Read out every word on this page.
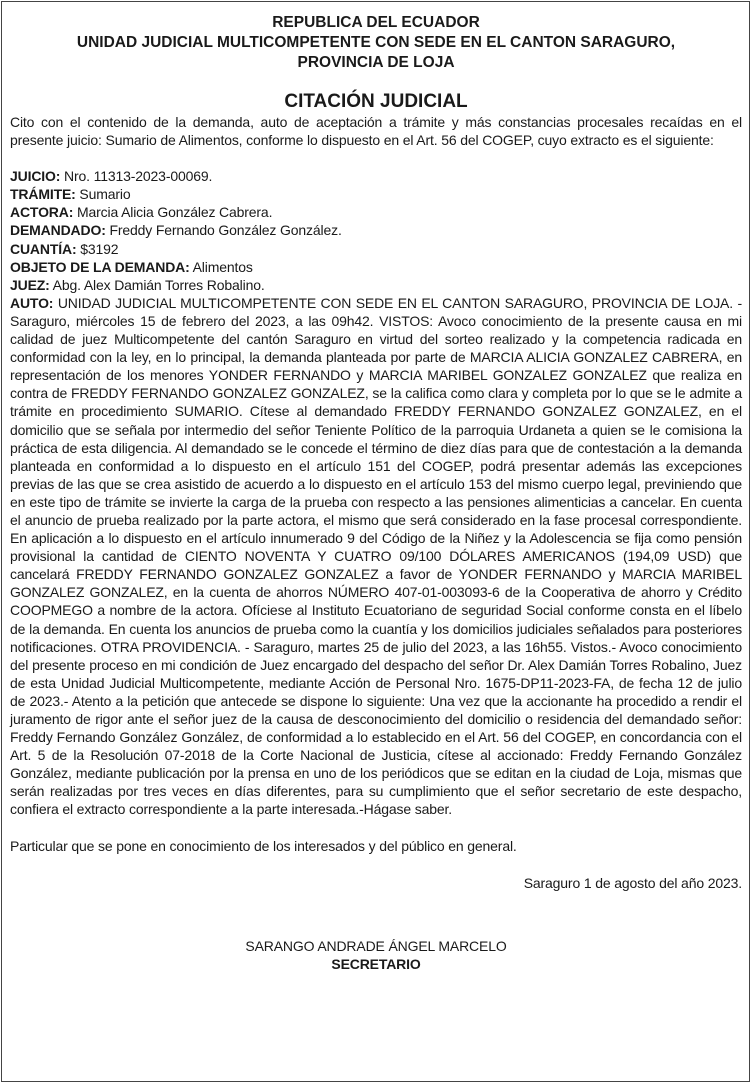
REPUBLICA DEL ECUADOR
UNIDAD JUDICIAL MULTICOMPETENTE CON SEDE EN EL CANTON SARAGURO,
PROVINCIA DE LOJA
CITACIÓN JUDICIAL

Cito con el contenido de la demanda, auto de aceptación a trámite y más constancias procesales recaídas en el presente juicio: Sumario de Alimentos, conforme lo dispuesto en el Art. 56 del COGEP, cuyo extracto es el siguiente:

JUICIO: Nro. 11313-2023-00069.

TRÁMITE: Sumario

ACTORA: Marcia Alicia González Cabrera.

DEMANDADO: Freddy Fernando González González.

CUANTÍA: $3192

OBJETO DE LA DEMANDA: Alimentos

JUEZ: Abg. Alex Damián Torres Robalino.

AUTO: UNIDAD JUDICIAL MULTICOMPETENTE CON SEDE EN EL CANTON SARAGURO, PROVINCIA DE LOJA. - Saraguro, miércoles 15 de febrero del 2023, a las 09h42. VISTOS: Avoco conocimiento de la presente causa en mi calidad de juez Multicompetente del cantón Saraguro en virtud del sorteo realizado y la competencia radicada en conformidad con la ley, en lo principal, la demanda planteada por parte de MARCIA ALICIA GONZALEZ CABRERA, en representación de los menores YONDER FERNANDO y MARCIA MARIBEL GONZALEZ GONZALEZ que realiza en contra de FREDDY FERNANDO GONZALEZ GONZALEZ, se la califica como clara y completa por lo que se le admite a trámite en procedimiento SUMARIO. Cítese al demandado FREDDY FERNANDO GONZALEZ GONZALEZ, en el domicilio que se señala por intermedio del señor Teniente Político de la parroquia Urdaneta a quien se le comisiona la práctica de esta diligencia. Al demandado se le concede el término de diez días para que de contestación a la demanda planteada en conformidad a lo dispuesto en el artículo 151 del COGEP, podrá presentar además las excepciones previas de las que se crea asistido de acuerdo a lo dispuesto en el artículo 153 del mismo cuerpo legal, previniendo que en este tipo de trámite se invierte la carga de la prueba con respecto a las pensiones alimenticias a cancelar. En cuenta el anuncio de prueba realizado por la parte actora, el mismo que será considerado en la fase procesal correspondiente. En aplicación a lo dispuesto en el artículo innumerado 9 del Código de la Niñez y la Adolescencia se fija como pensión provisional la cantidad de CIENTO NOVENTA Y CUATRO 09/100 DÓLARES AMERICANOS (194,09 USD) que cancelará FREDDY FERNANDO GONZALEZ GONZALEZ a favor de YONDER FERNANDO y MARCIA MARIBEL GONZALEZ GONZALEZ, en la cuenta de ahorros NÚMERO 407-01-003093-6 de la Cooperativa de ahorro y Crédito COOPMEGO a nombre de la actora. Ofíciese al Instituto Ecuatoriano de seguridad Social conforme consta en el líbelo de la demanda. En cuenta los anuncios de prueba como la cuantía y los domicilios judiciales señalados para posteriores notificaciones. OTRA PROVIDENCIA. - Saraguro, martes 25 de julio del 2023, a las 16h55. Vistos.- Avoco conocimiento del presente proceso en mi condición de Juez encargado del despacho del señor Dr. Alex Damián Torres Robalino, Juez de esta Unidad Judicial Multicompetente, mediante Acción de Personal Nro. 1675-DP11-2023-FA, de fecha 12 de julio de 2023.- Atento a la petición que antecede se dispone lo siguiente: Una vez que la accionante ha procedido a rendir el juramento de rigor ante el señor juez de la causa de desconocimiento del domicilio o residencia del demandado señor: Freddy Fernando González González, de conformidad a lo establecido en el Art. 56 del COGEP, en concordancia con el Art. 5 de la Resolución 07-2018 de la Corte Nacional de Justicia, cítese al accionado: Freddy Fernando González González, mediante publicación por la prensa en uno de los periódicos que se editan en la ciudad de Loja, mismas que serán realizadas por tres veces en días diferentes, para su cumplimiento que el señor secretario de este despacho, confiera el extracto correspondiente a la parte interesada.-Hágase saber.

Particular que se pone en conocimiento de los interesados y del público en general.

Saraguro 1 de agosto del año 2023.

SARANGO ANDRADE ÁNGEL MARCELO
SECRETARIO
